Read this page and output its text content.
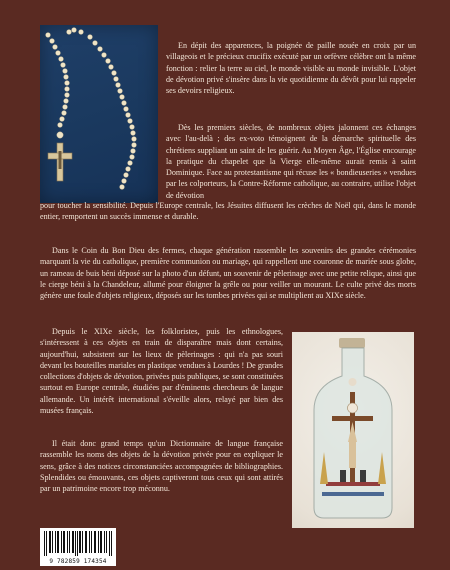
En dépit des apparences, la poignée de paille nouée en croix par un villageois et le précieux crucifix exécuté par un orfèvre célèbre ont la même fonction : relier la terre au ciel, le monde visible au monde invisible. L'objet de dévotion privé s'insère dans la vie quotidienne du dévôt pour lui rappeler ses devoirs religieux.

Dès les premiers siècles, de nombreux objets jalonnent ces échanges avec l'au-delà ; des ex-voto témoignent de la démarche spirituelle des chrétiens suppliant un saint de les guérir. Au Moyen Âge, l'Église encourage la pratique du chapelet que la Vierge elle-même aurait remis à saint Dominique. Face au protestantisme qui récuse les « bondieuseries » vendues par les colporteurs, la Contre-Réforme catholique, au contraire, utilise l'objet de dévotion

pour toucher la sensibilité. Depuis l'Europe centrale, les Jésuites diffusent les crèches de Noël qui, dans le monde entier, remportent un succès immense et durable.

Dans le Coin du Bon Dieu des fermes, chaque génération rassemble les souvenirs des grandes cérémonies marquant la vie du catholique, première communion ou mariage, qui rappellent une couronne de mariée sous globe, un rameau de buis béni déposé sur la photo d'un défunt, un souvenir de pèlerinage avec une petite relique, ainsi que le cierge béni à la Chandeleur, allumé pour éloigner la grêle ou pour veiller un mourant. Le culte privé des morts génère une foule d'objets religieux, déposés sur les tombes privées qui se multiplient au XIXe siècle.

Depuis le XIXe siècle, les folkloristes, puis les ethnologues, s'intéressent à ces objets en train de disparaître mais dont certains, aujourd'hui, subsistent sur les lieux de pèlerinages : qui n'a pas souri devant les bouteilles mariales en plastique vendues à Lourdes ! De grandes collections d'objets de dévotion, privées puis publiques, se sont constituées surtout en Europe centrale, étudiées par d'éminents chercheurs de langue allemande. Un intérêt international s'éveille alors, relayé par bien des musées français.

Il était donc grand temps qu'un Dictionnaire de langue française rassemble les noms des objets de la dévotion privée pour en expliquer le sens, grâce à des notices circonstanciées accompagnées de bibliographies. Splendides ou émouvants, ces objets captiveront tous ceux qui sont attirés par un patrimoine encore trop méconnu.

9 782859 174354
